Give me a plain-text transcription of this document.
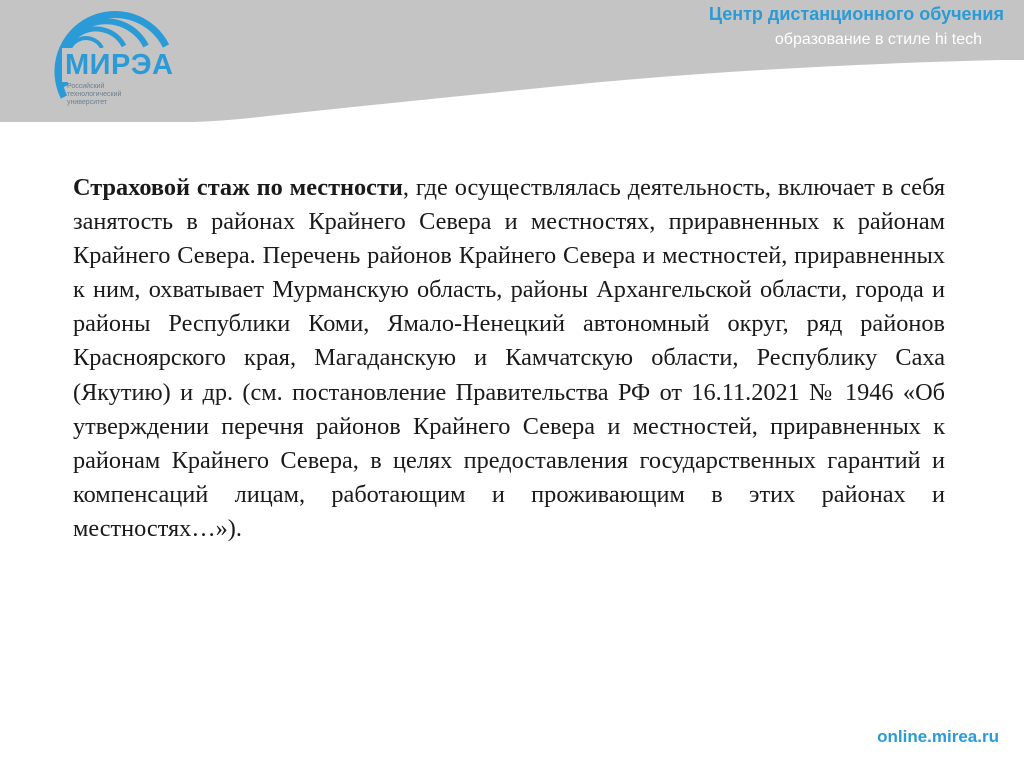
МИРЭА
Российский технологический университет
Центр дистанционного обучения
образование в стиле hi tech

Страховой стаж по местности, где осуществлялась деятельность, включает в себя занятость в районах Крайнего Севера и местностях, приравненных к районам Крайнего Севера. Перечень районов Крайнего Севера и местностей, приравненных к ним, охватывает Мурманскую область, районы Архангельской области, города и районы Республики Коми, Ямало-Ненецкий автономный округ, ряд районов Красноярского края, Магаданскую и Камчатскую области, Республику Саха (Якутию) и др. (см. постановление Правительства РФ от 16.11.2021 № 1946 «Об утверждении перечня районов Крайнего Севера и местностей, приравненных к районам Крайнего Севера, в целях предоставления государственных гарантий и компенсаций лицам, работающим и проживающим в этих районах и местностях…»).

online.mirea.ru
